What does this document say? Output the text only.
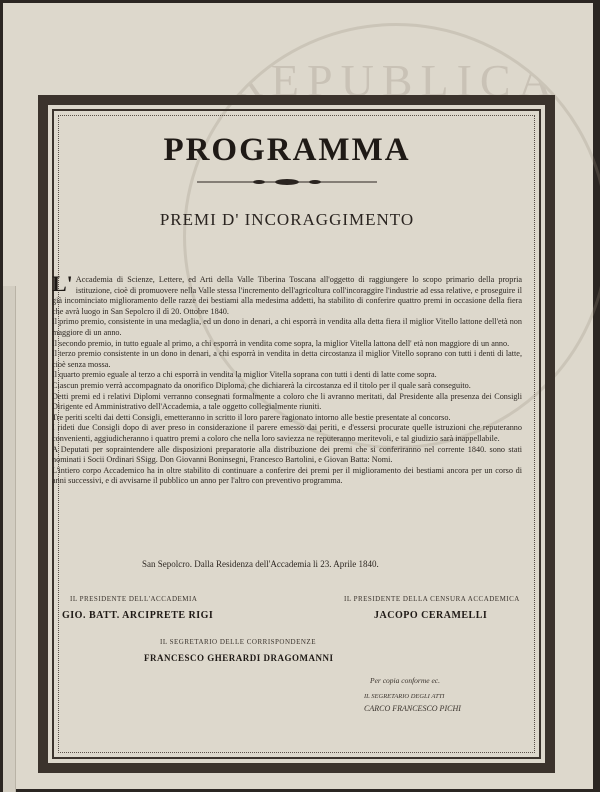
REPUBLICA
PROGRAMMA
PREMI D' INCORAGGIMENTO

L' Accademia di Scienze, Lettere, ed Arti della Valle Tiberina Toscana all'oggetto di raggiungere lo scopo primario della propria istituzione, cioè di promuovere nella Valle stessa l'incremento dell'agricoltura coll'incoraggire l'industrie ad essa relative, e proseguire il già incominciato miglioramento delle razze dei bestiami alla medesima addetti, ha stabilito di conferire quattro premi in occasione della fiera che avrà luogo in San Sepolcro il dì 20. Ottobre 1840.

Il primo premio, consistente in una medaglia, ed un dono in denari, a chi esporrà in vendita alla detta fiera il miglior Vitello lattone dell'età non maggiore di un anno.

Il secondo premio, in tutto eguale al primo, a chi esporrà in vendita come sopra, la miglior Vitella lattona dell' età non maggiore di un anno.

Il terzo premio consistente in un dono in denari, a chi esporrà in vendita in detta circostanza il miglior Vitello soprano con tutti i denti di latte, cioè senza mossa.

Il quarto premio eguale al terzo a chi esporrà in vendita la miglior Vitella soprana con tutti i denti di latte come sopra.

Ciascun premio verrà accompagnato da onorifico Diploma, che dichiarerà la circostanza ed il titolo per il quale sarà conseguito.

Detti premi ed i relativi Diplomi verranno consegnati formalmente a coloro che li avranno meritati, dal Presidente alla presenza dei Consigli Dirigente ed Amministrativo dell'Accademia, a tale oggetto collegialmente riuniti.

Tre periti scelti dai detti Consigli, emetteranno in scritto il loro parere ragionato intorno alle bestie presentate al concorso.

I rideti due Consigli dopo di aver preso in considerazione il parere emesso dai periti, e d'essersi procurate quelle istruzioni che reputeranno convenienti, aggiudicheranno i quattro premi a coloro che nella loro saviezza ne reputeranno meritevoli, e tal giudizio sarà inappellabile.

A Deputati per sopraintendere alle disposizioni preparatorie alla distribuzione dei premi che si conferiranno nel corrente 1840. sono stati nominati i Socii Ordinari SSigg. Don Giovanni Boninsegni, Francesco Bartolini, e Giovan Batta: Nomi.

L'intiero corpo Accademico ha in oltre stabilito di continuare a conferire dei premi per il miglioramento dei bestiami ancora per un corso di anni successivi, e di avvisarne il pubblico un anno per l'altro con preventivo programma.

San Sepolcro. Dalla Residenza dell'Accademia li 23. Aprile 1840.
IL PRESIDENTE DELL'ACCADEMIA
GIO. BATT. ARCIPRETE RIGI
IL PRESIDENTE DELLA CENSURA ACCADEMICA
JACOPO CERAMELLI
IL SEGRETARIO DELLE CORRISPONDENZE
FRANCESCO GHERARDI DRAGOMANNI
Per copia conforme ec.
IL SEGRETARIO DEGLI ATTI
CARCO FRANCESCO PICHI
